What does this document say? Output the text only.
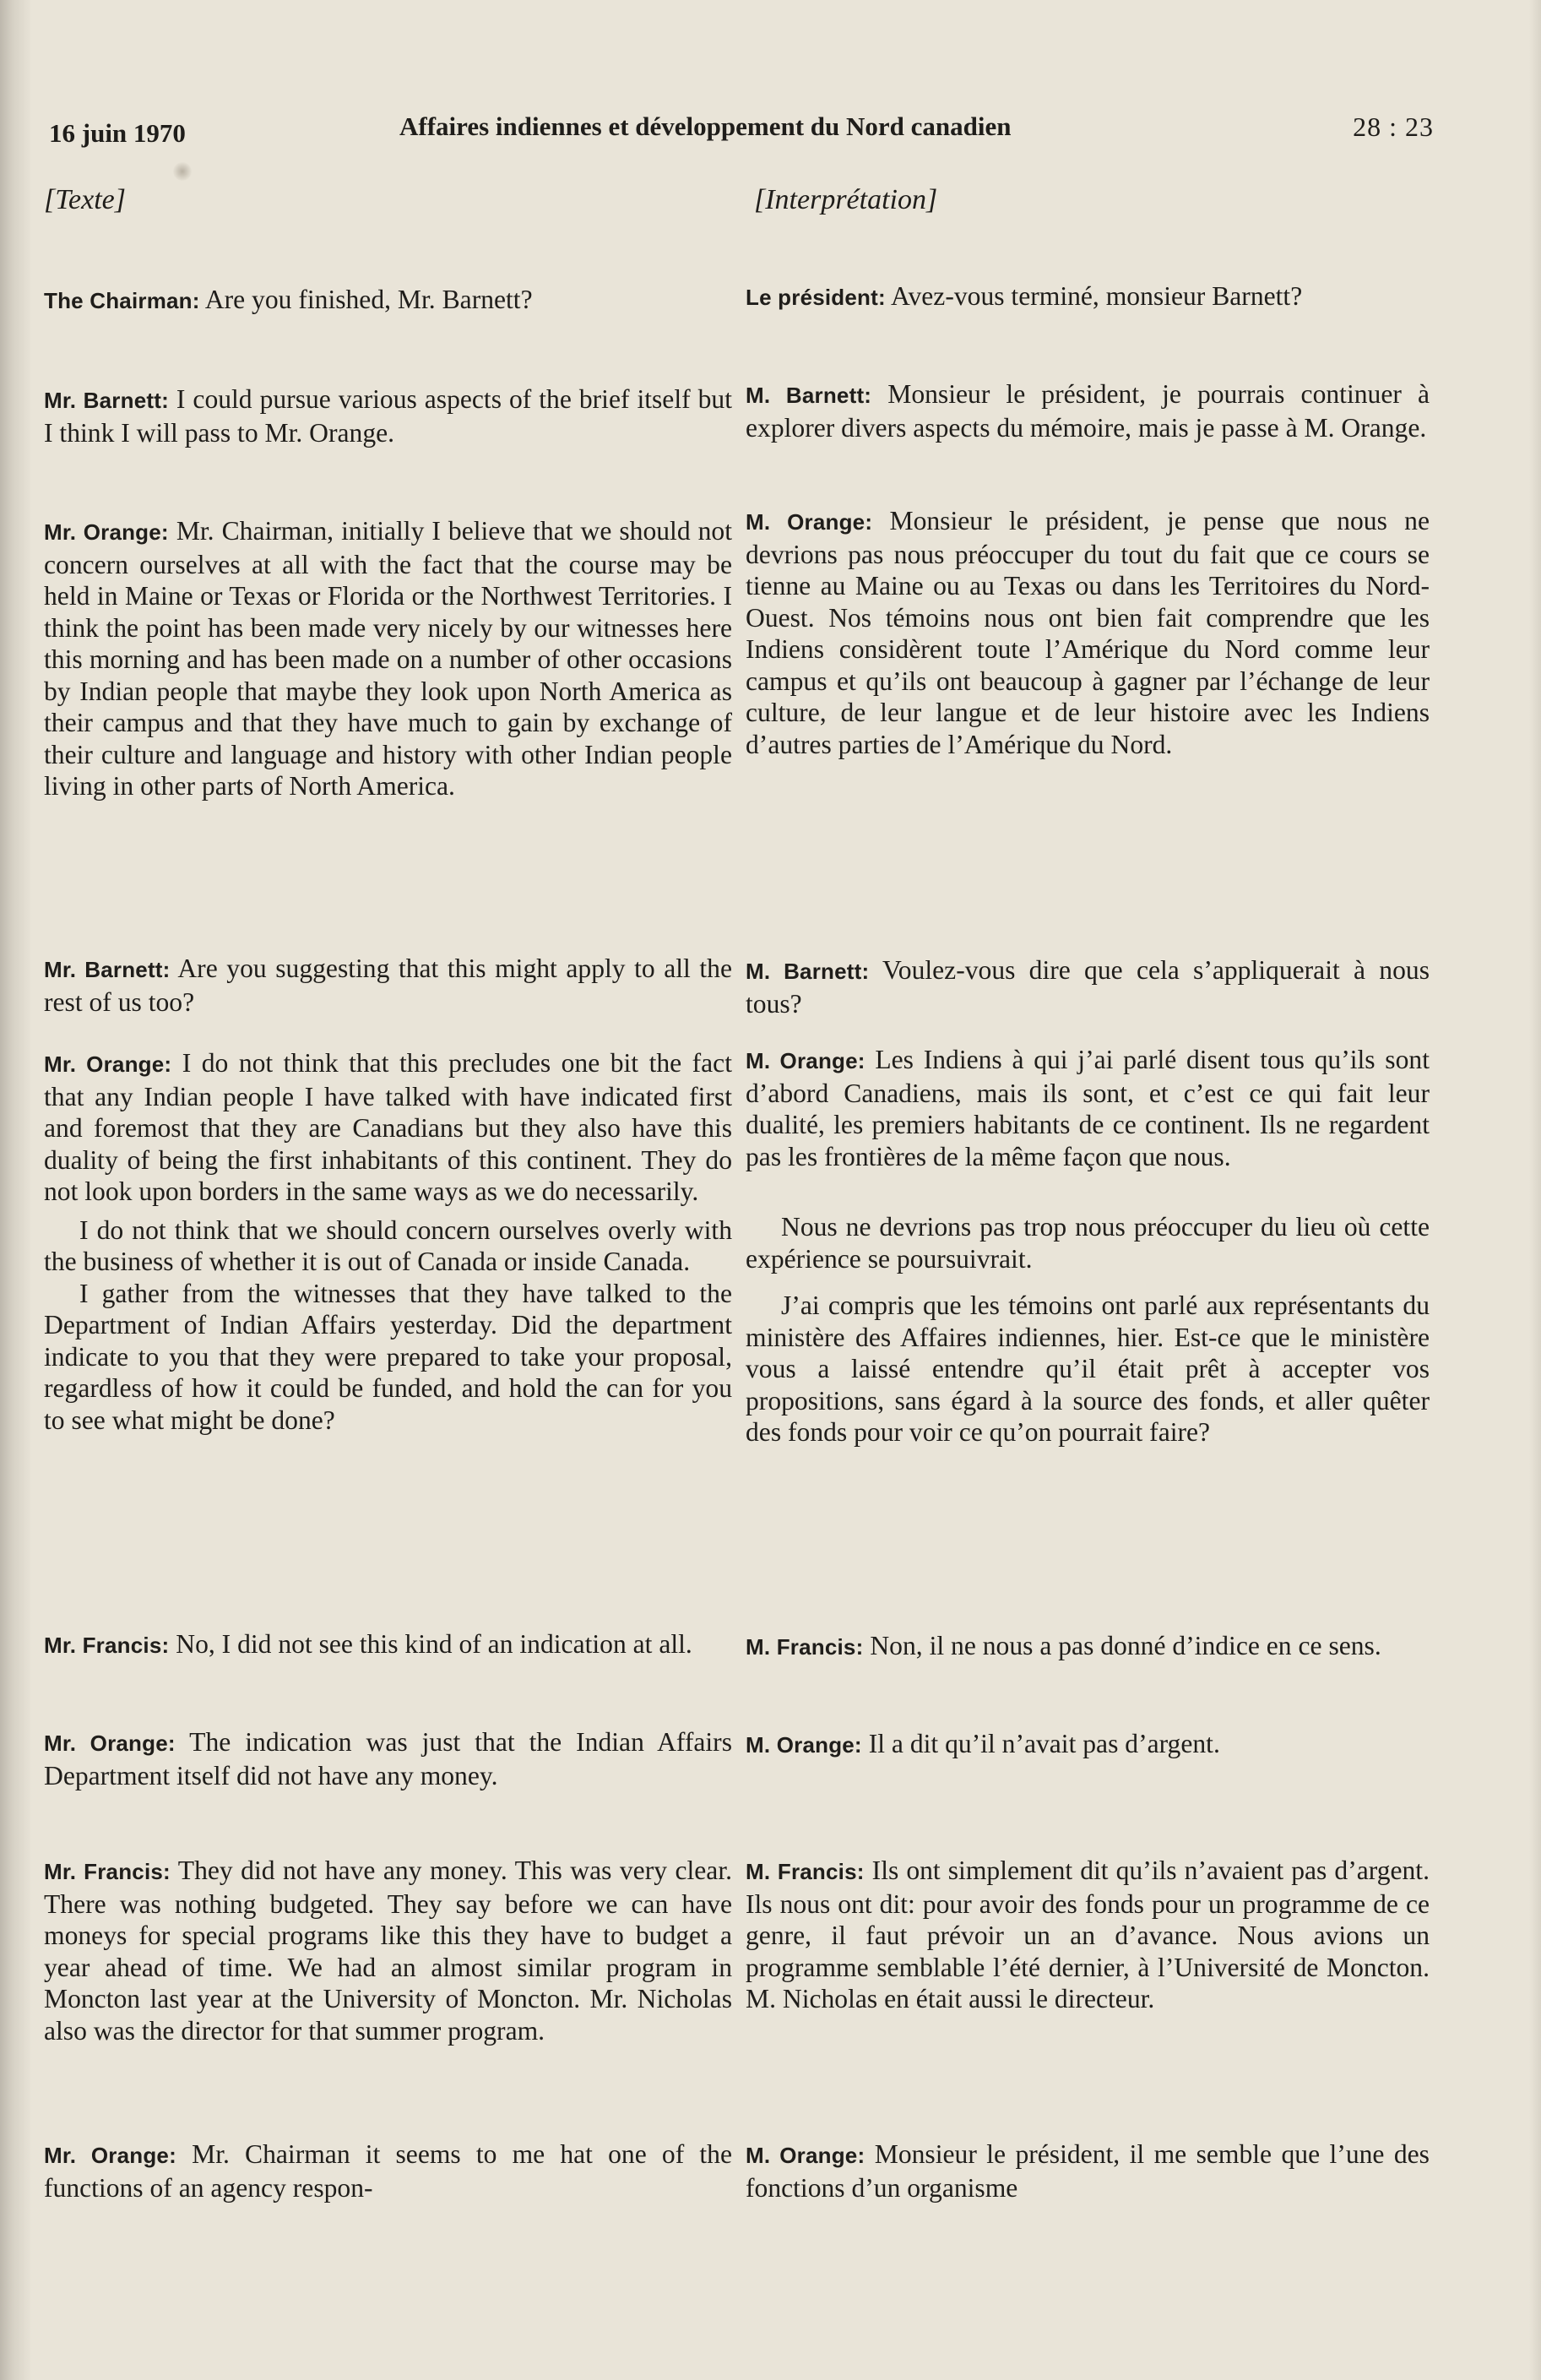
16 juin 1970	Affaires indiennes et développement du Nord canadien	28 : 23
[Texte]	[Interprétation]

The Chairman: Are you finished, Mr. Barnett?

Mr. Barnett: I could pursue various aspects of the brief itself but I think I will pass to Mr. Orange.

Mr. Orange: Mr. Chairman, initially I believe that we should not concern ourselves at all with the fact that the course may be held in Maine or Texas or Florida or the Northwest Territories. I think the point has been made very nicely by our witnesses here this morning and has been made on a number of other occasions by Indian people that maybe they look upon North America as their campus and that they have much to gain by exchange of their culture and language and history with other Indian people living in other parts of North America.

Mr. Barnett: Are you suggesting that this might apply to all the rest of us too?

Mr. Orange: I do not think that this precludes one bit the fact that any Indian people I have talked with have indicated first and foremost that they are Canadians but they also have this duality of being the first inhabitants of this continent. They do not look upon borders in the same ways as we do necessarily.

I do not think that we should concern ourselves overly with the business of whether it is out of Canada or inside Canada.

I gather from the witnesses that they have talked to the Department of Indian Affairs yesterday. Did the department indicate to you that they were prepared to take your proposal, regardless of how it could be funded, and hold the can for you to see what might be done?

Mr. Francis: No, I did not see this kind of an indication at all.

Mr. Orange: The indication was just that the Indian Affairs Department itself did not have any money.

Mr. Francis: They did not have any money. This was very clear. There was nothing budgeted. They say before we can have moneys for special programs like this they have to budget a year ahead of time. We had an almost similar program in Moncton last year at the University of Moncton. Mr. Nicholas also was the director for that summer program.

Mr. Orange: Mr. Chairman it seems to me hat one of the functions of an agency respon-

Le président: Avez-vous terminé, monsieur Barnett?

M. Barnett: Monsieur le président, je pourrais continuer à explorer divers aspects du mémoire, mais je passe à M. Orange.

M. Orange: Monsieur le président, je pense que nous ne devrions pas nous préoccuper du tout du fait que ce cours se tienne au Maine ou au Texas ou dans les Territoires du Nord-Ouest. Nos témoins nous ont bien fait comprendre que les Indiens considèrent toute l’Amérique du Nord comme leur campus et qu’ils ont beaucoup à gagner par l’échange de leur culture, de leur langue et de leur histoire avec les Indiens d’autres parties de l’Amérique du Nord.

M. Barnett: Voulez-vous dire que cela s’appliquerait à nous tous?

M. Orange: Les Indiens à qui j’ai parlé disent tous qu’ils sont d’abord Canadiens, mais ils sont, et c’est ce qui fait leur dualité, les premiers habitants de ce continent. Ils ne regardent pas les frontières de la même façon que nous.

Nous ne devrions pas trop nous préoccuper du lieu où cette expérience se poursuivrait.

J’ai compris que les témoins ont parlé aux représentants du ministère des Affaires indiennes, hier. Est-ce que le ministère vous a laissé entendre qu’il était prêt à accepter vos propositions, sans égard à la source des fonds, et aller quêter des fonds pour voir ce qu’on pourrait faire?

M. Francis: Non, il ne nous a pas donné d’indice en ce sens.

M. Orange: Il a dit qu’il n’avait pas d’argent.

M. Francis: Ils ont simplement dit qu’ils n’avaient pas d’argent. Ils nous ont dit: pour avoir des fonds pour un programme de ce genre, il faut prévoir un an d’avance. Nous avions un programme semblable l’été dernier, à l’Université de Moncton. M. Nicholas en était aussi le directeur.

M. Orange: Monsieur le président, il me semble que l’une des fonctions d’un organisme
